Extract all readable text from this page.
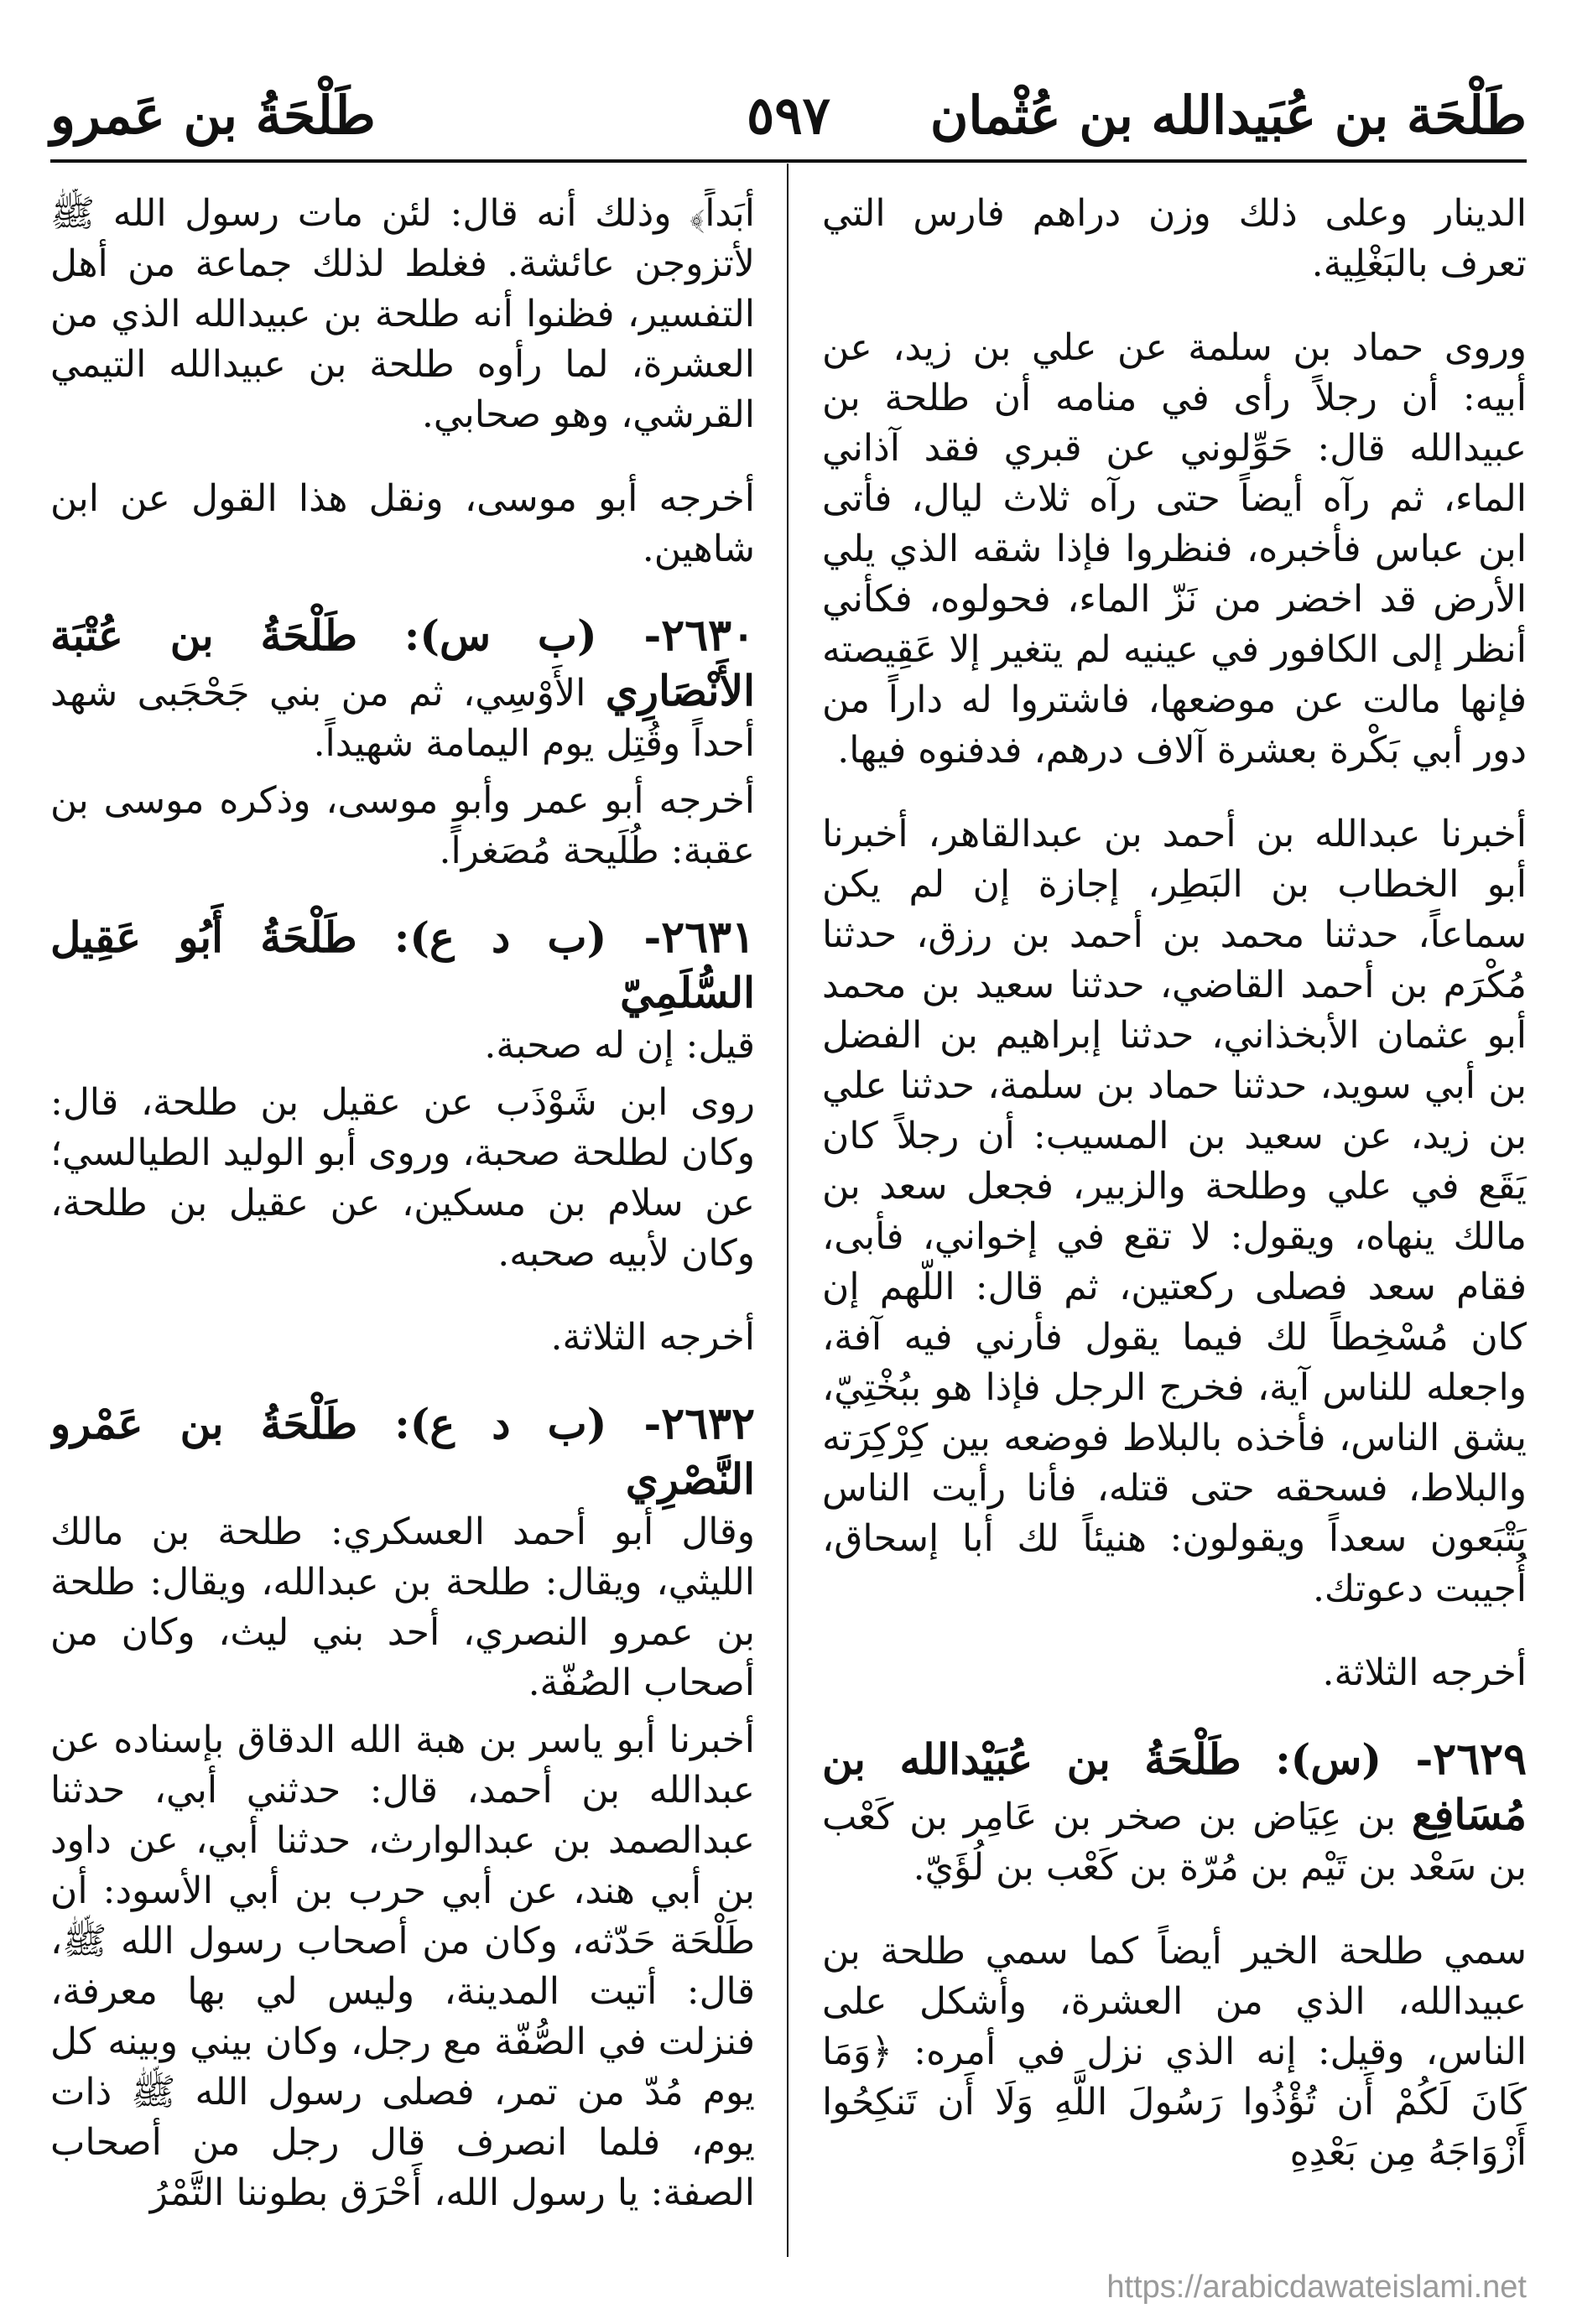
طَلْحَةُ بن عَمرو	٥٩٧ طَلْحَة بن عُبَيدالله بن عُثْمان

الدينار وعلى ذلك وزن دراهم فارس التي تعرف بالبَغْلِية.

وروى حماد بن سلمة عن علي بن زيد، عن أبيه: أن رجلاً رأى في منامه أن طلحة بن عبيدالله قال: حَوِّلوني عن قبري فقد آذاني الماء، ثم رآه أيضاً حتى رآه ثلاث ليال، فأتى ابن عباس فأخبره، فنظروا فإذا شقه الذي يلي الأرض قد اخضر من نَزّ الماء، فحولوه، فكأني أنظر إلى الكافور في عينيه لم يتغير إلا عَقِيصته فإنها مالت عن موضعها، فاشتروا له داراً من دور أبي بَكْرة بعشرة آلاف درهم، فدفنوه فيها.

أخبرنا عبدالله بن أحمد بن عبدالقاهر، أخبرنا أبو الخطاب بن البَطِر، إجازة إن لم يكن سماعاً، حدثنا محمد بن أحمد بن رزق، حدثنا مُكْرَم بن أحمد القاضي، حدثنا سعيد بن محمد أبو عثمان الأبخذاني، حدثنا إبراهيم بن الفضل بن أبي سويد، حدثنا حماد بن سلمة، حدثنا علي بن زيد، عن سعيد بن المسيب: أن رجلاً كان يَقَع في علي وطلحة والزبير، فجعل سعد بن مالك ينهاه، ويقول: لا تقع في إخواني، فأبى، فقام سعد فصلى ركعتين، ثم قال: اللّهم إن كان مُسْخِطاً لك فيما يقول فأرني فيه آفة، واجعله للناس آية، فخرج الرجل فإذا هو ببُخْتِيّ، يشق الناس، فأخذه بالبلاط فوضعه بين كِرْكِرَته والبلاط، فسحقه حتى قتله، فأنا رأيت الناس يَتْبَعون سعداً ويقولون: هنيئاً لك أبا إسحاق، أُجيبت دعوتك.

أخرجه الثلاثة.

٢٦٢٩- (س): طَلْحَةُ بن عُبَيْدالله بن مُسَافِع بن عِيَاض بن صخر بن عَامِر بن كَعْب بن سَعْد بن تَيْم بن مُرّة بن كَعْب بن لُؤَيّ.

سمي طلحة الخير أيضاً كما سمي طلحة بن عبيدالله، الذي من العشرة، وأشكل على الناس، وقيل: إنه الذي نزل في أمره: ﴿وَمَا كَانَ لَكُمْ أَن تُؤْذُوا رَسُولَ اللَّهِ وَلَا أَن تَنكِحُوا أَزْوَاجَهُ مِن بَعْدِهِ

أَبَداً﴾ وذلك أنه قال: لئن مات رسول الله ﷺ لأتزوجن عائشة. فغلط لذلك جماعة من أهل التفسير، فظنوا أنه طلحة بن عبيدالله الذي من العشرة، لما رأوه طلحة بن عبيدالله التيمي القرشي، وهو صحابي.

أخرجه أبو موسى، ونقل هذا القول عن ابن شاهين.

٢٦٣٠- (ب س): طَلْحَةُ بن عُتْبَة الأَنْصَارِي الأَوْسِي، ثم من بني جَحْجَبى شهد أحداً وقُتِل يوم اليمامة شهيداً.

أخرجه أبو عمر وأبو موسى، وذكره موسى بن عقبة: طُلَيحة مُصَغراً.

٢٦٣١- (ب د ع): طَلْحَةُ أَبُو عَقِيل السُّلَمِيّ
قيل: إن له صحبة.

روى ابن شَوْذَب عن عقيل بن طلحة، قال: وكان لطلحة صحبة، وروى أبو الوليد الطيالسي؛ عن سلام بن مسكين، عن عقيل بن طلحة، وكان لأبيه صحبه.

أخرجه الثلاثة.

٢٦٣٢- (ب د ع): طَلْحَةُ بن عَمْرو النَّصْرِي
وقال أبو أحمد العسكري: طلحة بن مالك الليثي، ويقال: طلحة بن عبدالله، ويقال: طلحة بن عمرو النصري، أحد بني ليث، وكان من أصحاب الصُفّة.

أخبرنا أبو ياسر بن هبة الله الدقاق بإسناده عن عبدالله بن أحمد، قال: حدثني أبي، حدثنا عبدالصمد بن عبدالوارث، حدثنا أبي، عن داود بن أبي هند، عن أبي حرب بن أبي الأسود: أن طَلْحَة حَدّثه، وكان من أصحاب رسول الله ﷺ، قال: أتيت المدينة، وليس لي بها معرفة، فنزلت في الصُّفّة مع رجل، وكان بيني وبينه كل يوم مُدّ من تمر، فصلى رسول الله ﷺ ذات يوم، فلما انصرف قال رجل من أصحاب الصفة: يا رسول الله، أَحْرَق بطوننا التَّمْرُ

https://arabicdawateislami.net
